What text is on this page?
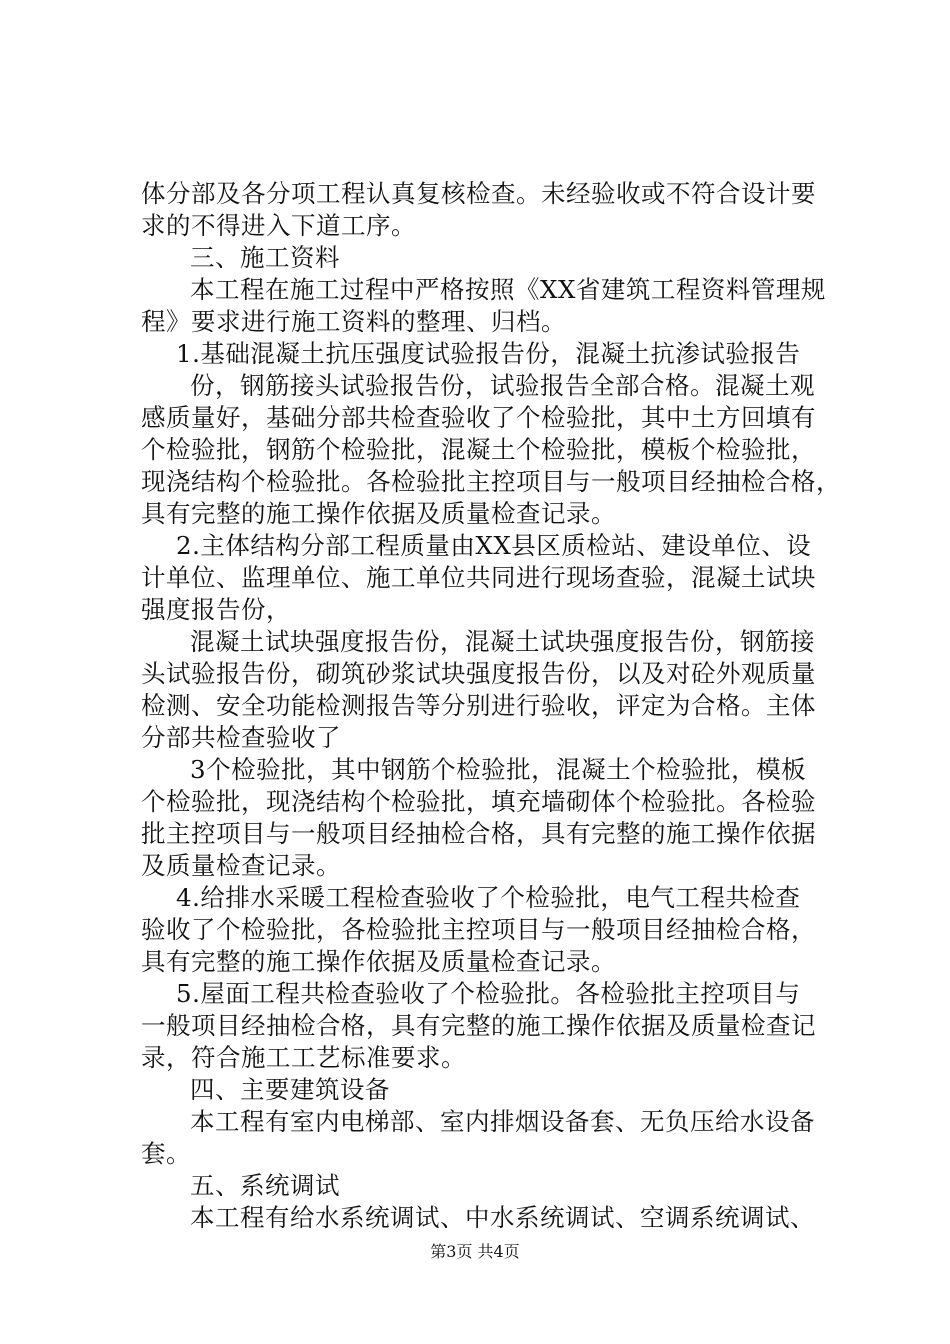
体分部及各分项工程认真复核检查。未经验收或不符合设计要
求的不得进入下道工序。
三、施工资料
本工程在施工过程中严格按照《XX省建筑工程资料管理规
程》要求进行施工资料的整理、归档。
1.基础混凝土抗压强度试验报告份，混凝土抗渗试验报告
份，钢筋接头试验报告份，试验报告全部合格。混凝土观
感质量好，基础分部共检查验收了个检验批，其中土方回填有
个检验批，钢筋个检验批，混凝土个检验批，模板个检验批，
现浇结构个检验批。各检验批主控项目与一般项目经抽检合格，
具有完整的施工操作依据及质量检查记录。
2.主体结构分部工程质量由XX县区质检站、建设单位、设
计单位、监理单位、施工单位共同进行现场查验，混凝土试块
强度报告份，
混凝土试块强度报告份，混凝土试块强度报告份，钢筋接
头试验报告份，砌筑砂浆试块强度报告份，以及对砼外观质量
检测、安全功能检测报告等分别进行验收，评定为合格。主体
分部共检查验收了
3个检验批，其中钢筋个检验批，混凝土个检验批，模板
个检验批，现浇结构个检验批，填充墙砌体个检验批。各检验
批主控项目与一般项目经抽检合格，具有完整的施工操作依据
及质量检查记录。
4.给排水采暖工程检查验收了个检验批，电气工程共检查
验收了个检验批，各检验批主控项目与一般项目经抽检合格，
具有完整的施工操作依据及质量检查记录。
5.屋面工程共检查验收了个检验批。各检验批主控项目与
一般项目经抽检合格，具有完整的施工操作依据及质量检查记
录，符合施工工艺标准要求。
四、主要建筑设备
本工程有室内电梯部、室内排烟设备套、无负压给水设备
套。
五、系统调试
本工程有给水系统调试、中水系统调试、空调系统调试、
第3页 共4页
